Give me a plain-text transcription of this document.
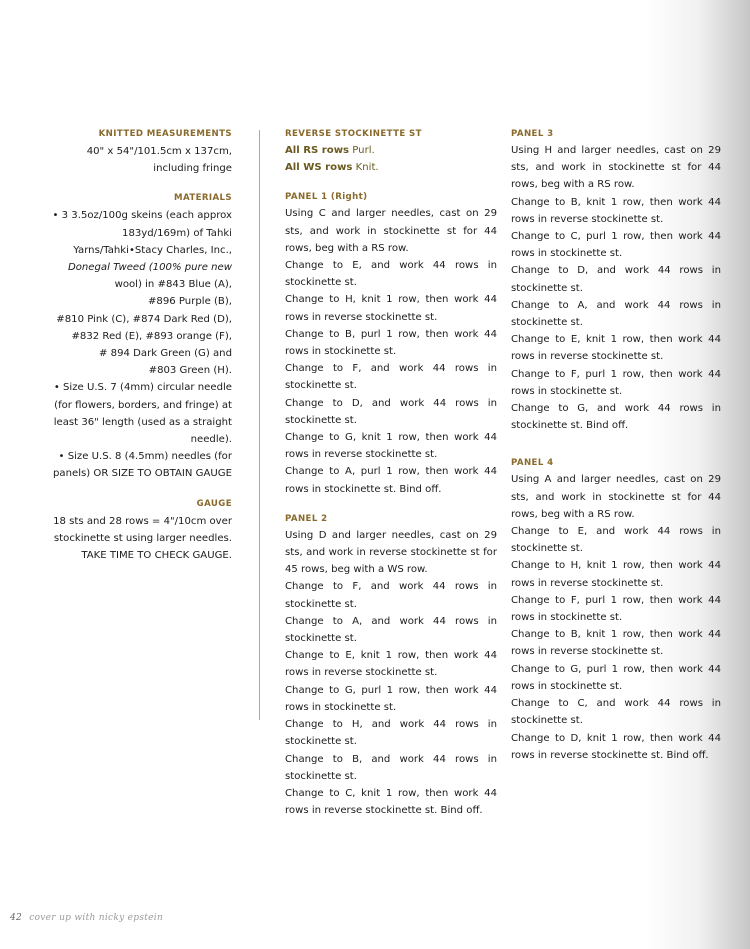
KNITTED MEASUREMENTS
40" x 54"/101.5cm x 137cm,
including fringe
MATERIALS
• 3 3.5oz/100g skeins (each approx
183yd/169m) of Tahki
Yarns/Tahki•Stacy Charles, Inc.,
Donegal Tweed (100% pure new
wool) in #843 Blue (A),
#896 Purple (B),
#810 Pink (C), #874 Dark Red (D),
#832 Red (E), #893 orange (F),
# 894 Dark Green (G) and
#803 Green (H).
• Size U.S. 7 (4mm) circular needle
(for flowers, borders, and fringe) at
least 36" length (used as a straight
needle).
• Size U.S. 8 (4.5mm) needles (for
panels) OR SIZE TO OBTAIN GAUGE
GAUGE
18 sts and 28 rows = 4"/10cm over
stockinette st using larger needles.
TAKE TIME TO CHECK GAUGE.
REVERSE STOCKINETTE ST
All RS rows Purl.
All WS rows Knit.
PANEL 1 (Right)

Using C and larger needles, cast on 29 sts, and work in stockinette st for 44 rows, beg with a RS row.

Change to E, and work 44 rows in stockinette st.

Change to H, knit 1 row, then work 44 rows in reverse stockinette st.

Change to B, purl 1 row, then work 44 rows in stockinette st.

Change to F, and work 44 rows in stockinette st.

Change to D, and work 44 rows in stockinette st.

Change to G, knit 1 row, then work 44 rows in reverse stockinette st.

Change to A, purl 1 row, then work 44 rows in stockinette st. Bind off.

PANEL 2

Using D and larger needles, cast on 29 sts, and work in reverse stockinette st for 45 rows, beg with a WS row.

Change to F, and work 44 rows in stockinette st.

Change to A, and work 44 rows in stockinette st.

Change to E, knit 1 row, then work 44 rows in reverse stockinette st.

Change to G, purl 1 row, then work 44 rows in stockinette st.

Change to H, and work 44 rows in stockinette st.

Change to B, and work 44 rows in stockinette st.

Change to C, knit 1 row, then work 44 rows in reverse stockinette st. Bind off.

PANEL 3

Using H and larger needles, cast on 29 sts, and work in stockinette st for 44 rows, beg with a RS row.

Change to B, knit 1 row, then work 44 rows in reverse stockinette st.

Change to C, purl 1 row, then work 44 rows in stockinette st.

Change to D, and work 44 rows in stockinette st.

Change to A, and work 44 rows in stockinette st.

Change to E, knit 1 row, then work 44 rows in reverse stockinette st.

Change to F, purl 1 row, then work 44 rows in stockinette st.

Change to G, and work 44 rows in stockinette st. Bind off.

PANEL 4

Using A and larger needles, cast on 29 sts, and work in stockinette st for 44 rows, beg with a RS row.

Change to E, and work 44 rows in stockinette st.

Change to H, knit 1 row, then work 44 rows in reverse stockinette st.

Change to F, purl 1 row, then work 44 rows in stockinette st.

Change to B, knit 1 row, then work 44 rows in reverse stockinette st.

Change to G, purl 1 row, then work 44 rows in stockinette st.

Change to C, and work 44 rows in stockinette st.

Change to D, knit 1 row, then work 44 rows in reverse stockinette st. Bind off.

42 cover up with nicky epstein
